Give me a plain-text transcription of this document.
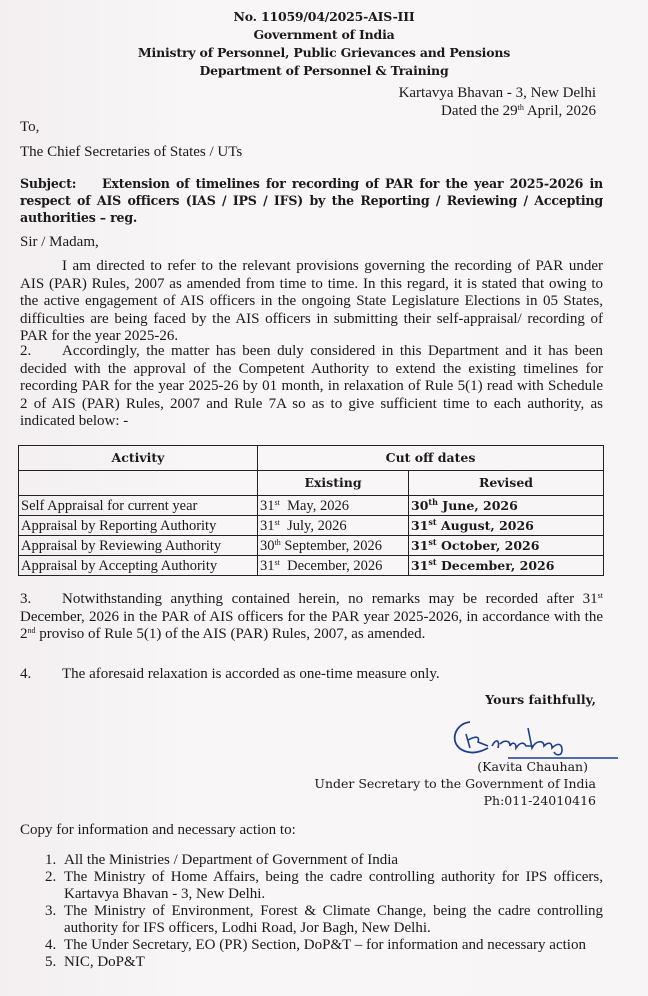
No. 11059/04/2025-AIS-III
Government of India
Ministry of Personnel, Public Grievances and Pensions
Department of Personnel & Training
Kartavya Bhavan - 3, New Delhi
Dated the 29th April, 2026
To,
The Chief Secretaries of States / UTs
Subject: Extension of timelines for recording of PAR for the year 2025-2026 in respect of AIS officers (IAS / IPS / IFS) by the Reporting / Reviewing / Accepting authorities – reg.
Sir / Madam,
I am directed to refer to the relevant provisions governing the recording of PAR under AIS (PAR) Rules, 2007 as amended from time to time. In this regard, it is stated that owing to the active engagement of AIS officers in the ongoing State Legislature Elections in 05 States, difficulties are being faced by the AIS officers in submitting their self-appraisal/ recording of PAR for the year 2025-26.
2. Accordingly, the matter has been duly considered in this Department and it has been decided with the approval of the Competent Authority to extend the existing timelines for recording PAR for the year 2025-26 by 01 month, in relaxation of Rule 5(1) read with Schedule 2 of AIS (PAR) Rules, 2007 and Rule 7A so as to give sufficient time to each authority, as indicated below: -
Activity	Cut off dates	
	Existing	Revised
Self Appraisal for current year	31st  May, 2026	30th June, 2026
Appraisal by Reporting Authority	31st  July, 2026	31st August, 2026
Appraisal by Reviewing Authority	30th September, 2026	31st October, 2026
Appraisal by Accepting Authority	31st  December, 2026	31st December, 2026
3. Notwithstanding anything contained herein, no remarks may be recorded after 31st December, 2026 in the PAR of AIS officers for the PAR year 2025-2026, in accordance with the 2nd proviso of Rule 5(1) of the AIS (PAR) Rules, 2007, as amended.
4. The aforesaid relaxation is accorded as one-time measure only.
Yours faithfully,
(Kavita Chauhan)
Under Secretary to the Government of India
Ph:011-24010416
Copy for information and necessary action to:
1. All the Ministries / Department of Government of India
2. The Ministry of Home Affairs, being the cadre controlling authority for IPS officers, Kartavya Bhavan - 3, New Delhi.
3. The Ministry of Environment, Forest & Climate Change, being the cadre controlling authority for IFS officers, Lodhi Road, Jor Bagh, New Delhi.
4. The Under Secretary, EO (PR) Section, DoP&T – for information and necessary action
5. NIC, DoP&T
